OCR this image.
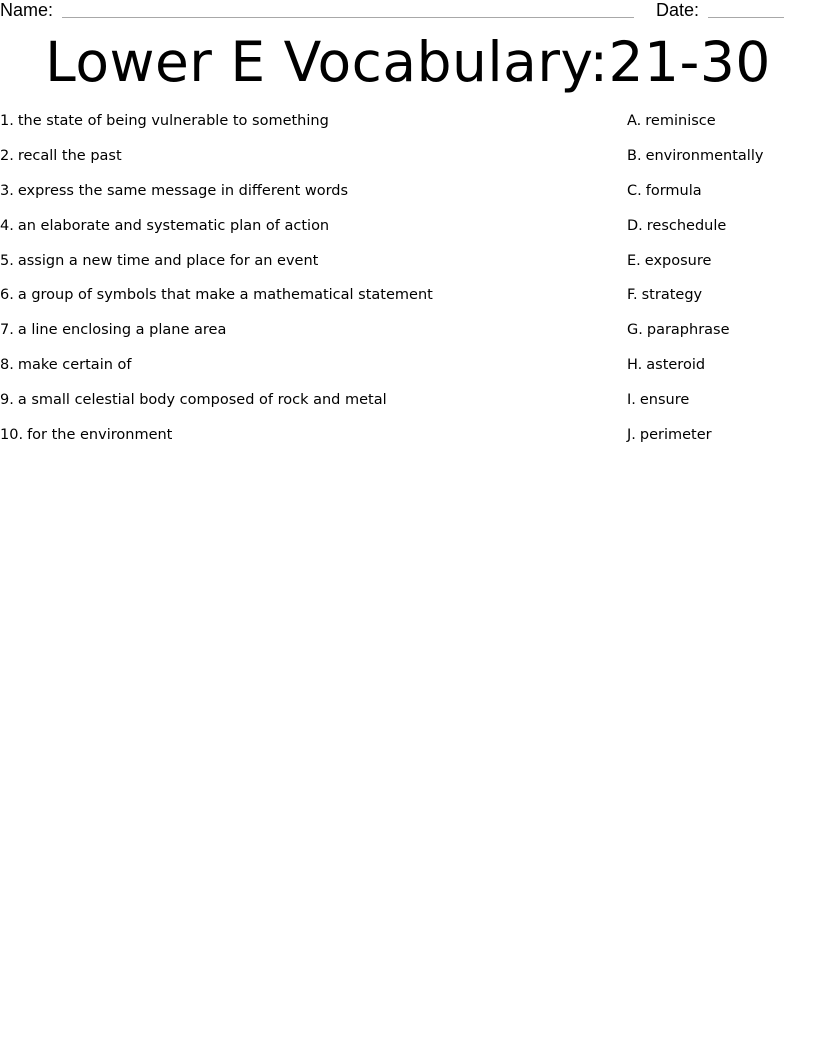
Name:	Date:
Lower E Vocabulary:21-30
1. the state of being vulnerable to something
2. recall the past
3. express the same message in different words
4. an elaborate and systematic plan of action
5. assign a new time and place for an event
6. a group of symbols that make a mathematical statement
7. a line enclosing a plane area
8. make certain of
9. a small celestial body composed of rock and metal
10. for the environment
A. reminisce
B. environmentally
C. formula
D. reschedule
E. exposure
F. strategy
G. paraphrase
H. asteroid
I. ensure
J. perimeter
